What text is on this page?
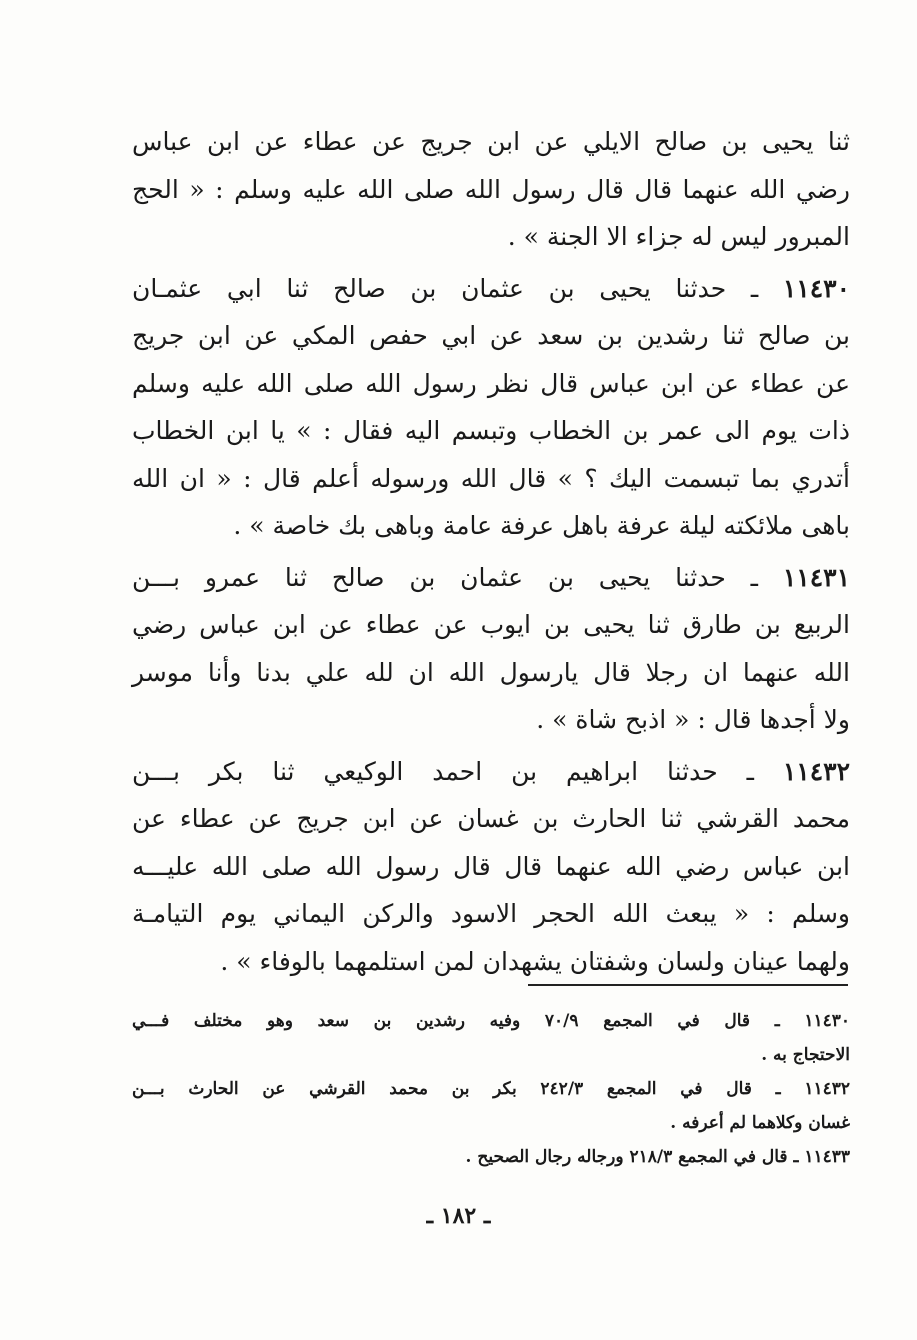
ثنا يحيى بن صالح الايلي عن ابن جريج عن عطاء عن ابن عباس
رضي الله عنهما قال قال رسول الله صلى الله عليه وسلم : « الحج
المبرور ليس له جزاء الا الجنة » .
١١٤٣٠ ـ حدثنا يحيى بن عثمان بن صالح ثنا ابي عثمـان
بن صالح ثنا رشدين بن سعد عن ابي حفص المكي عن ابن جريج
عن عطاء عن ابن عباس قال نظر رسول الله صلى الله عليه وسلم
ذات يوم الى عمر بن الخطاب وتبسم اليه فقال : » يا ابن الخطاب
أتدري بما تبسمت اليك ؟ » قال الله ورسوله أعلم قال : « ان الله
باهى ملائكته ليلة عرفة باهل عرفة عامة وباهى بك خاصة » .
١١٤٣١ ـ حدثنا يحيى بن عثمان بن صالح ثنا عمرو بـــن
الربيع بن طارق ثنا يحيى بن ايوب عن عطاء عن ابن عباس رضي
الله عنهما ان رجلا قال يارسول الله ان لله علي بدنا وأنا موسر
ولا أجدها قال : « اذبح شاة » .
١١٤٣٢ ـ حدثنا ابراهيم بن احمد الوكيعي ثنا بكر بـــن
محمد القرشي ثنا الحارث بن غسان عن ابن جريج عن عطاء عن
ابن عباس رضي الله عنهما قال قال رسول الله صلى الله عليـــه
وسلم : « يبعث الله الحجر الاسود والركن اليماني يوم التيامـة
ولهما عينان ولسان وشفتان يشهدان لمن استلمهما بالوفاء » .
١١٤٣٠ ـ قال في المجمع ٧٠/٩ وفيه رشدين بن سعد وهو مختلف فـــي
الاحتجاج به .
١١٤٣٢ ـ قال في المجمع ٢٤٢/٣ بكر بن محمد القرشي عن الحارث بـــن
غسان وكلاهما لم أعرفه .
١١٤٣٣ ـ قال في المجمع ٢١٨/٣ ورجاله رجال الصحيح .
ـ ١٨٢ ـ
